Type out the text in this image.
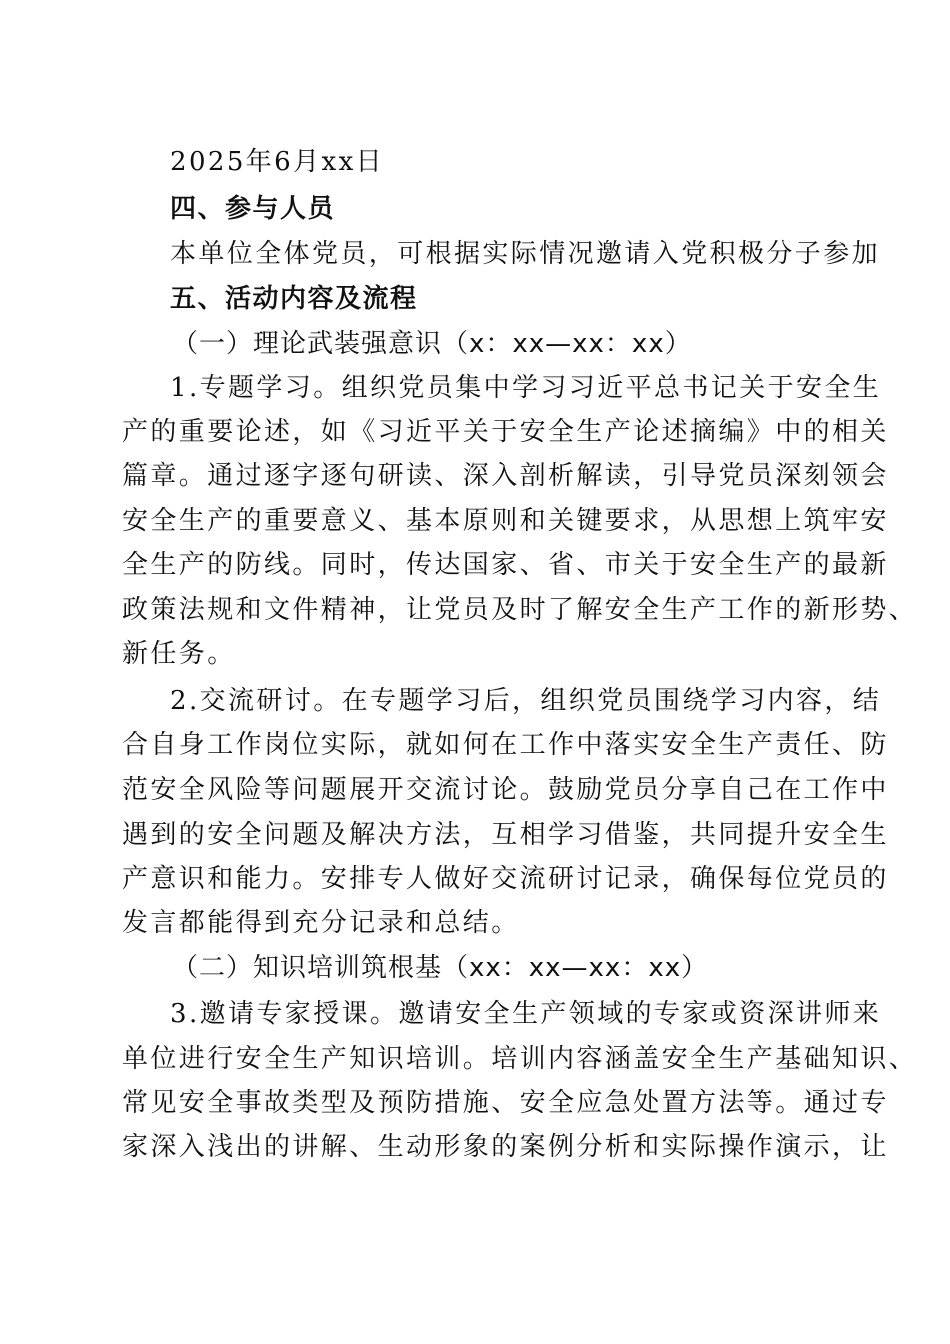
2025年6月xx日
四、参与人员
本单位全体党员，可根据实际情况邀请入党积极分子参加
五、活动内容及流程
（一）理论武装强意识（x：xx—xx：xx）
1.专题学习。组织党员集中学习习近平总书记关于安全生
产的重要论述，如《习近平关于安全生产论述摘编》中的相关
篇章。通过逐字逐句研读、深入剖析解读，引导党员深刻领会
安全生产的重要意义、基本原则和关键要求，从思想上筑牢安
全生产的防线。同时，传达国家、省、市关于安全生产的最新
政策法规和文件精神，让党员及时了解安全生产工作的新形势、
新任务。
2.交流研讨。在专题学习后，组织党员围绕学习内容，结
合自身工作岗位实际，就如何在工作中落实安全生产责任、防
范安全风险等问题展开交流讨论。鼓励党员分享自己在工作中
遇到的安全问题及解决方法，互相学习借鉴，共同提升安全生
产意识和能力。安排专人做好交流研讨记录，确保每位党员的
发言都能得到充分记录和总结。
（二）知识培训筑根基（xx：xx—xx：xx）
3.邀请专家授课。邀请安全生产领域的专家或资深讲师来
单位进行安全生产知识培训。培训内容涵盖安全生产基础知识、
常见安全事故类型及预防措施、安全应急处置方法等。通过专
家深入浅出的讲解、生动形象的案例分析和实际操作演示，让
